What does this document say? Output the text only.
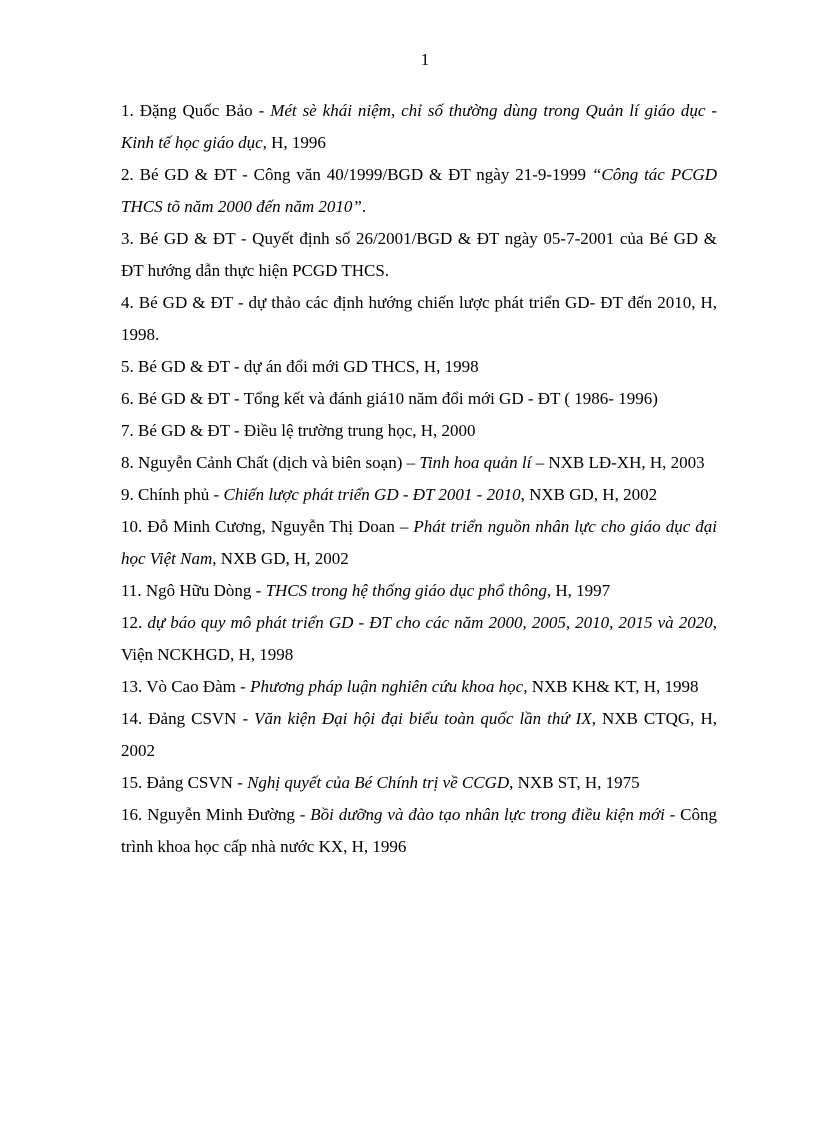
1

1. Đặng Quốc Bảo - Mét sè khái niệm, chỉ số thường dùng trong Quản lí giáo dục - Kinh tế học giáo dục, H, 1996

2. Bé GD & ĐT - Công văn 40/1999/BGD & ĐT ngày 21-9-1999 “Công tác PCGD THCS tõ năm 2000 đến năm 2010”.

3. Bé GD & ĐT - Quyết định số 26/2001/BGD & ĐT ngày 05-7-2001 của Bé GD & ĐT hướng dẫn thực hiện PCGD THCS.

4. Bé GD & ĐT - dự thảo các định hướng chiến lược phát triển GD- ĐT đến 2010, H, 1998.

5. Bé GD & ĐT - dự án đổi mới GD THCS, H, 1998

6. Bé GD & ĐT - Tổng kết và đánh giá10 năm đổi mới GD - ĐT ( 1986- 1996)

7. Bé GD & ĐT - Điều lệ trường trung học, H, 2000

8. Nguyễn Cảnh Chất (dịch và biên soạn) – Tinh hoa quản lí – NXB LĐ-XH, H, 2003

9. Chính phủ - Chiến lược phát triển GD - ĐT 2001 - 2010, NXB GD, H, 2002

10. Đỗ Minh Cương, Nguyễn Thị Doan – Phát triển nguồn nhân lực cho giáo dục đại học Việt Nam, NXB GD, H, 2002

11. Ngô Hữu Dòng - THCS trong hệ thống giáo dục phổ thông, H, 1997

12. dự báo quy mô phát triển GD - ĐT cho các năm 2000, 2005, 2010, 2015 và 2020, Viện NCKHGD, H, 1998

13. Vò Cao Đàm - Phương pháp luận nghiên cứu khoa học, NXB KH& KT, H, 1998

14. Đảng CSVN - Văn kiện Đại hội đại biểu toàn quốc lần thứ IX, NXB CTQG, H, 2002

15. Đảng CSVN - Nghị quyết của Bé Chính trị về CCGD, NXB ST, H, 1975

16. Nguyễn Minh Đường - Bồi dưỡng và đào tạo nhân lực trong điều kiện mới - Công trình khoa học cấp nhà nước KX, H, 1996
